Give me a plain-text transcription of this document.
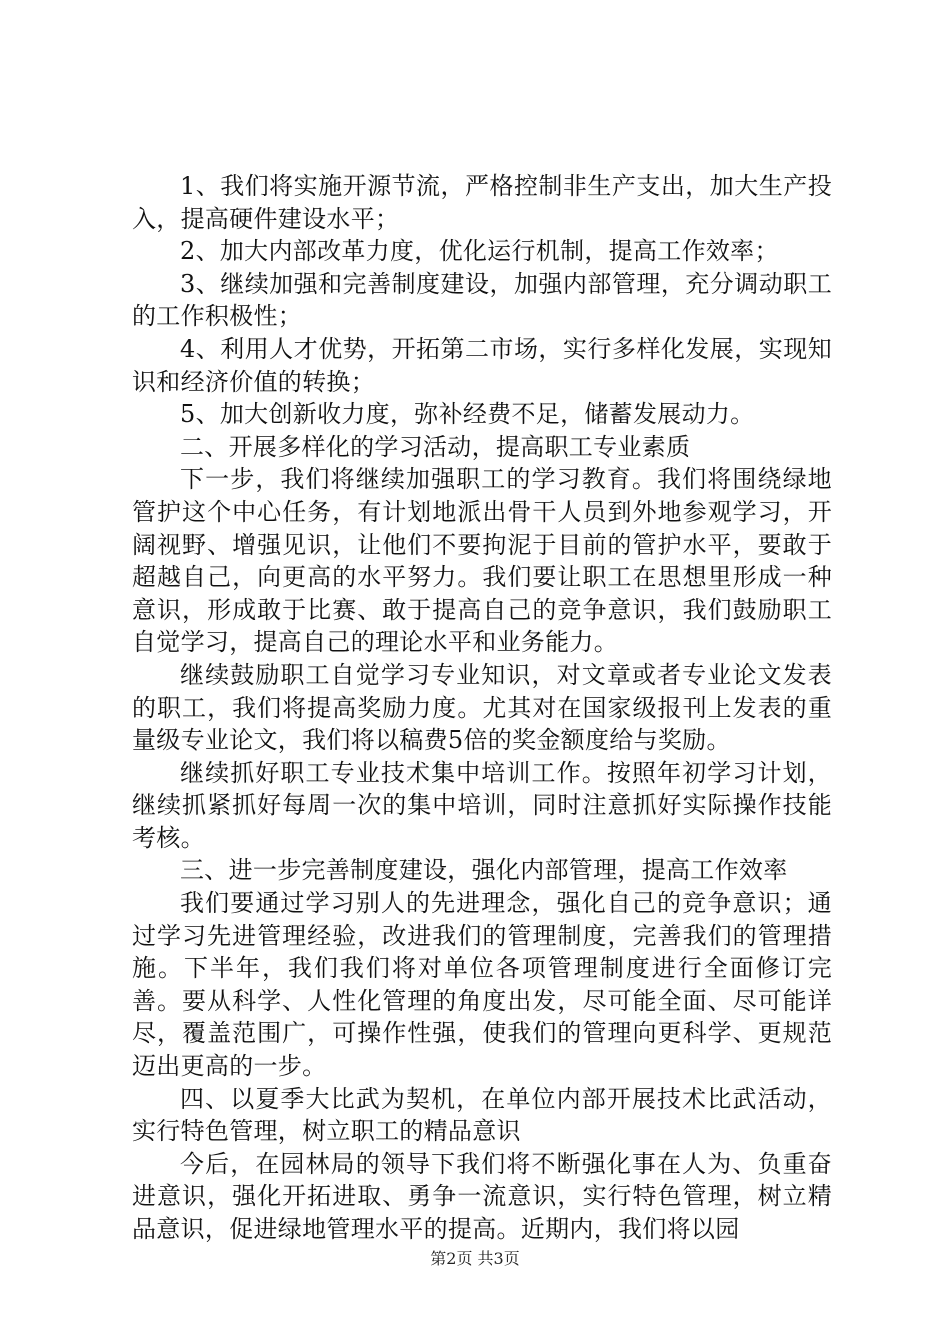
1、我们将实施开源节流，严格控制非生产支出，加大生产投入，提高硬件建设水平；

2、加大内部改革力度，优化运行机制，提高工作效率；

3、继续加强和完善制度建设，加强内部管理，充分调动职工的工作积极性；

4、利用人才优势，开拓第二市场，实行多样化发展，实现知识和经济价值的转换；

5、加大创新收力度，弥补经费不足，储蓄发展动力。

二、开展多样化的学习活动，提高职工专业素质

下一步，我们将继续加强职工的学习教育。我们将围绕绿地管护这个中心任务，有计划地派出骨干人员到外地参观学习，开阔视野、增强见识，让他们不要拘泥于目前的管护水平，要敢于超越自己，向更高的水平努力。我们要让职工在思想里形成一种意识，形成敢于比赛、敢于提高自己的竞争意识，我们鼓励职工自觉学习，提高自己的理论水平和业务能力。

继续鼓励职工自觉学习专业知识，对文章或者专业论文发表的职工，我们将提高奖励力度。尤其对在国家级报刊上发表的重量级专业论文，我们将以稿费5倍的奖金额度给与奖励。

继续抓好职工专业技术集中培训工作。按照年初学习计划，继续抓紧抓好每周一次的集中培训，同时注意抓好实际操作技能考核。

三、进一步完善制度建设，强化内部管理，提高工作效率

我们要通过学习别人的先进理念，强化自己的竞争意识；通过学习先进管理经验，改进我们的管理制度，完善我们的管理措施。下半年，我们我们将对单位各项管理制度进行全面修订完善。要从科学、人性化管理的角度出发，尽可能全面、尽可能详尽，覆盖范围广，可操作性强，使我们的管理向更科学、更规范迈出更高的一步。

四、以夏季大比武为契机，在单位内部开展技术比武活动，实行特色管理，树立职工的精品意识

今后，在园林局的领导下我们将不断强化事在人为、负重奋进意识，强化开拓进取、勇争一流意识，实行特色管理，树立精品意识，促进绿地管理水平的提高。近期内，我们将以园

第2页 共3页
